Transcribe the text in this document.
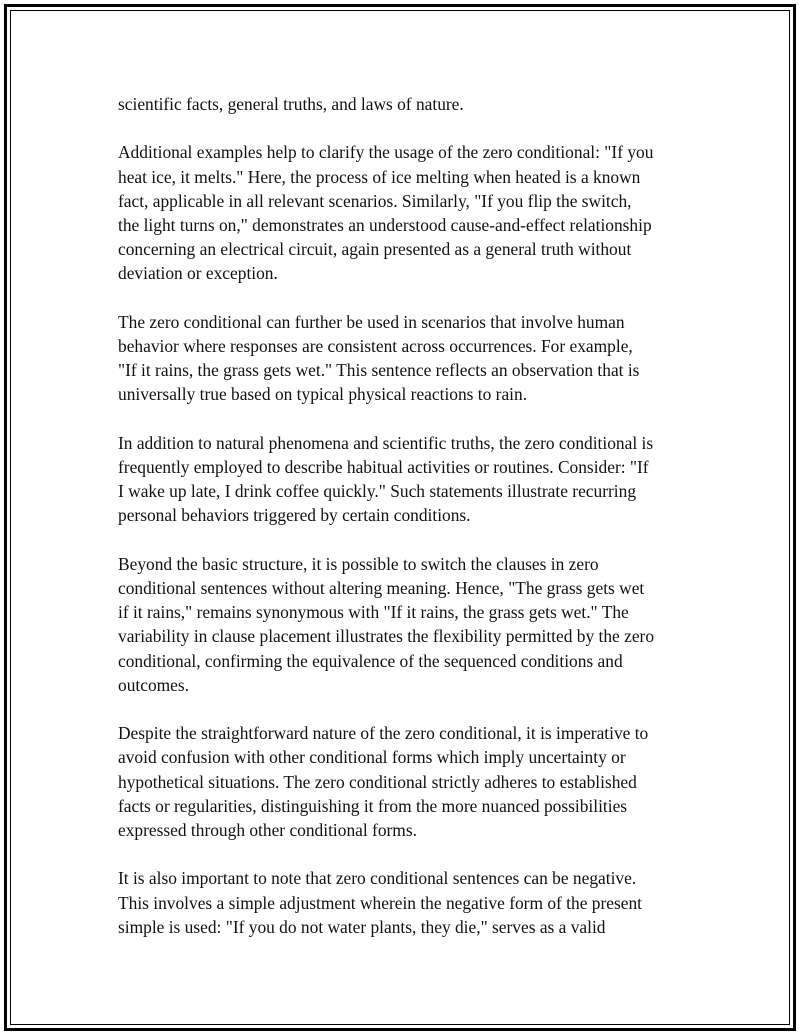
scientific facts, general truths, and laws of nature.

Additional examples help to clarify the usage of the zero conditional: "If you
heat ice, it melts." Here, the process of ice melting when heated is a known
fact, applicable in all relevant scenarios. Similarly, "If you flip the switch,
the light turns on," demonstrates an understood cause-and-effect relationship
concerning an electrical circuit, again presented as a general truth without
deviation or exception.

The zero conditional can further be used in scenarios that involve human
behavior where responses are consistent across occurrences. For example,
"If it rains, the grass gets wet." This sentence reflects an observation that is
universally true based on typical physical reactions to rain.

In addition to natural phenomena and scientific truths, the zero conditional is
frequently employed to describe habitual activities or routines. Consider: "If
I wake up late, I drink coffee quickly." Such statements illustrate recurring
personal behaviors triggered by certain conditions.

Beyond the basic structure, it is possible to switch the clauses in zero
conditional sentences without altering meaning. Hence, "The grass gets wet
if it rains," remains synonymous with "If it rains, the grass gets wet." The
variability in clause placement illustrates the flexibility permitted by the zero
conditional, confirming the equivalence of the sequenced conditions and
outcomes.

Despite the straightforward nature of the zero conditional, it is imperative to
avoid confusion with other conditional forms which imply uncertainty or
hypothetical situations. The zero conditional strictly adheres to established
facts or regularities, distinguishing it from the more nuanced possibilities
expressed through other conditional forms.

It is also important to note that zero conditional sentences can be negative.
This involves a simple adjustment wherein the negative form of the present
simple is used: "If you do not water plants, they die," serves as a valid
